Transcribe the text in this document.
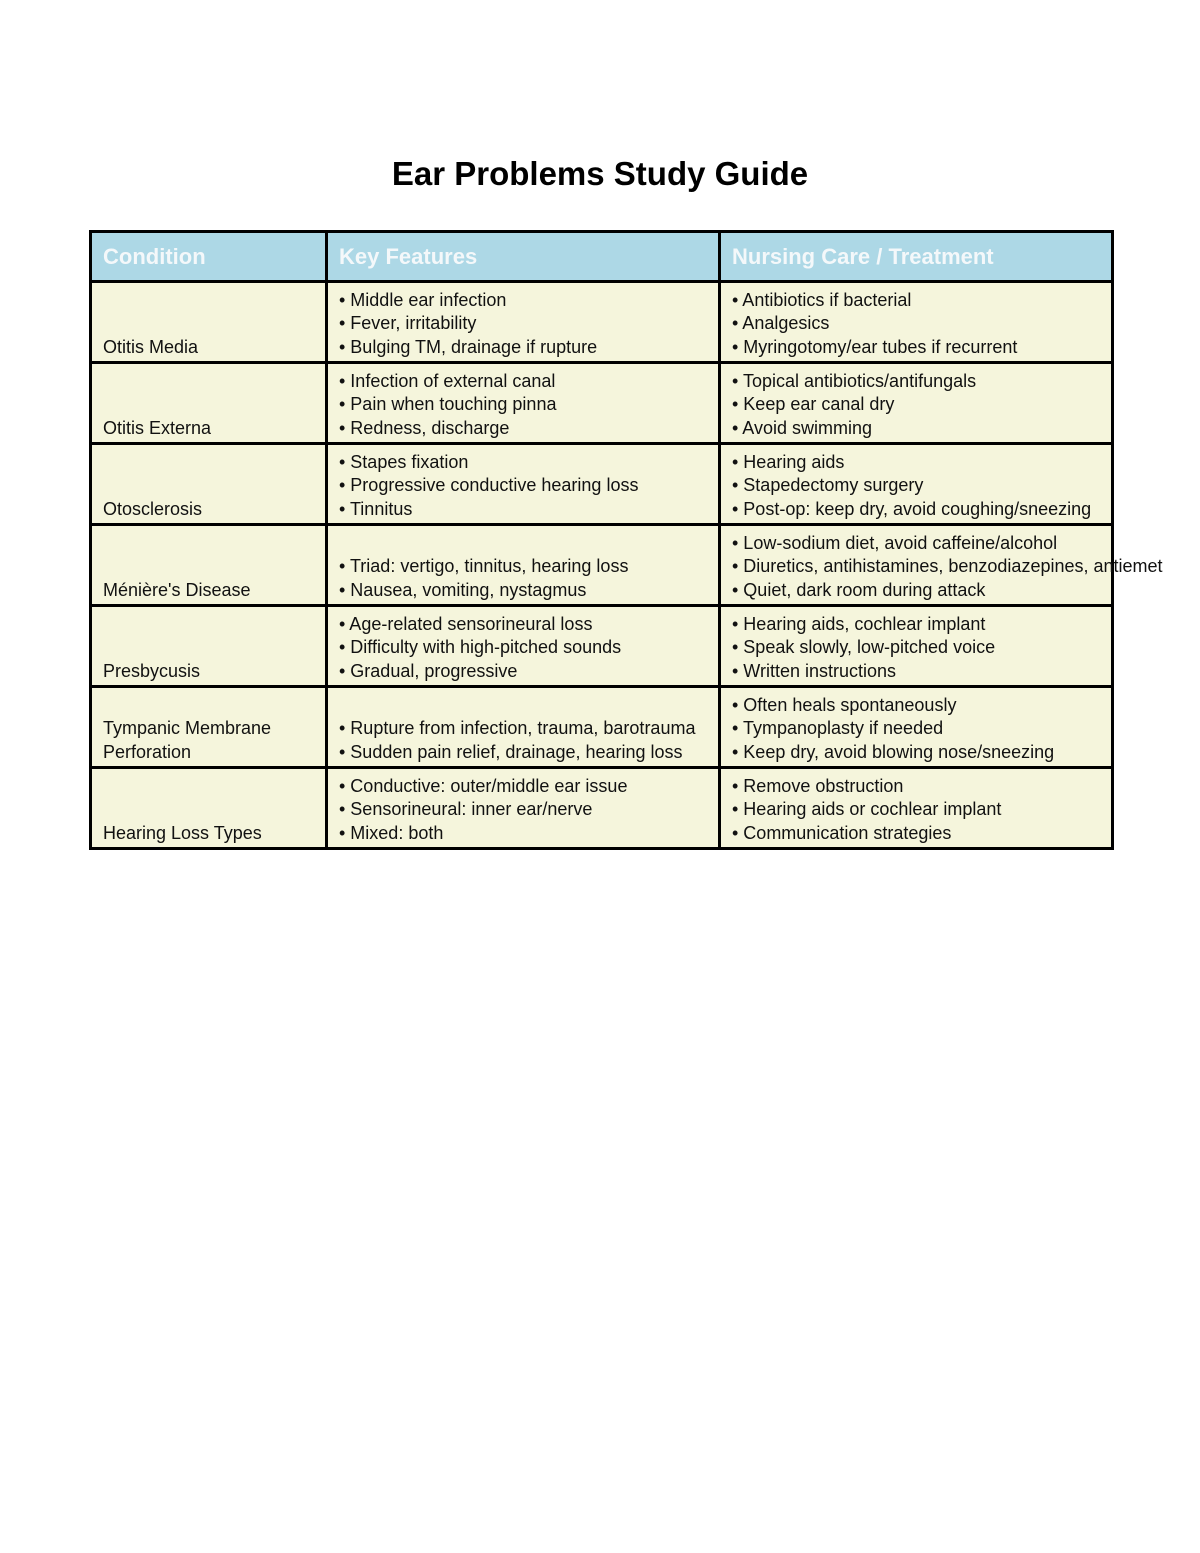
Ear Problems Study Guide
Condition	Key Features	Nursing Care / Treatment
Otitis Media	• Middle ear infection
• Fever, irritability
• Bulging TM, drainage if rupture	• Antibiotics if bacterial
• Analgesics
• Myringotomy/ear tubes if recurrent

Otitis Externa	• Infection of external canal
• Pain when touching pinna
• Redness, discharge	• Topical antibiotics/antifungals
• Keep ear canal dry
• Avoid swimming

Otosclerosis	• Stapes fixation
• Progressive conductive hearing loss
• Tinnitus	• Hearing aids
• Stapedectomy surgery
• Post-op: keep dry, avoid coughing/sneezing

Ménière's Disease	• Triad: vertigo, tinnitus, hearing loss
• Nausea, vomiting, nystagmus	• Low-sodium diet, avoid caffeine/alcohol
• Diuretics, antihistamines, benzodiazepines, antiemet
• Quiet, dark room during attack

Presbycusis	• Age-related sensorineural loss
• Difficulty with high-pitched sounds
• Gradual, progressive	• Hearing aids, cochlear implant
• Speak slowly, low-pitched voice
• Written instructions

Tympanic Membrane Perforation	• Rupture from infection, trauma, barotrauma
• Sudden pain relief, drainage, hearing loss	• Often heals spontaneously
• Tympanoplasty if needed
• Keep dry, avoid blowing nose/sneezing

Hearing Loss Types	• Conductive: outer/middle ear issue
• Sensorineural: inner ear/nerve
• Mixed: both	• Remove obstruction
• Hearing aids or cochlear implant
• Communication strategies
